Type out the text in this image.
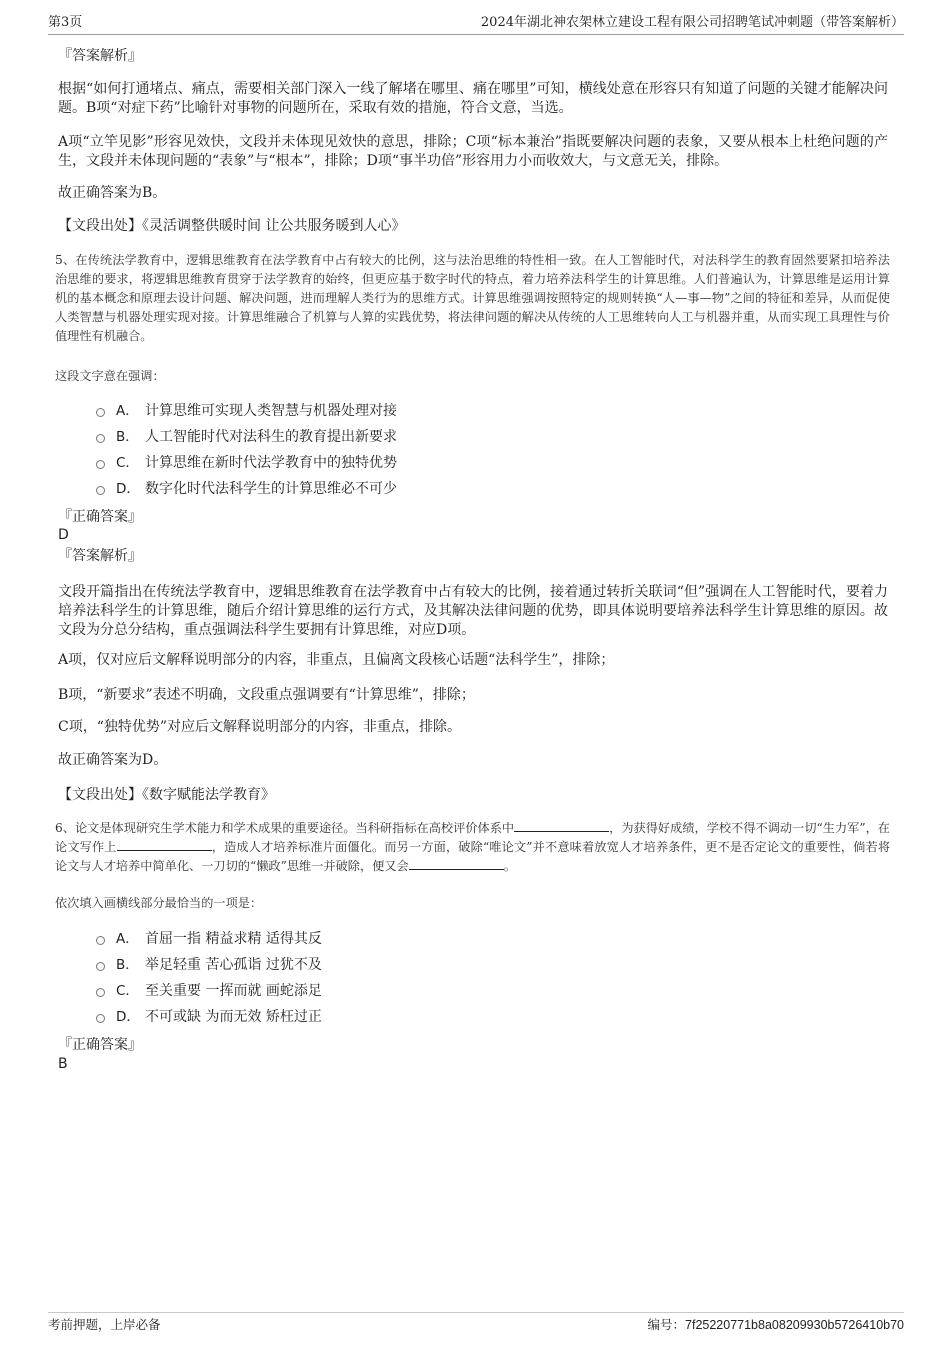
第3页	2024年湖北神农架林立建设工程有限公司招聘笔试冲刺题（带答案解析）

『答案解析』

根据“如何打通堵点、痛点，需要相关部门深入一线了解堵在哪里、痛在哪里”可知，横线处意在形容只有知道了问题的关键才能解决问题。B项“对症下药”比喻针对事物的问题所在，采取有效的措施，符合文意，当选。

A项“立竿见影”形容见效快，文段并未体现见效快的意思，排除；C项“标本兼治”指既要解决问题的表象，又要从根本上杜绝问题的产生，文段并未体现问题的“表象”与“根本”，排除；D项“事半功倍”形容用力小而收效大，与文意无关，排除。

故正确答案为B。

【文段出处】《灵活调整供暖时间 让公共服务暖到人心》

5、在传统法学教育中，逻辑思维教育在法学教育中占有较大的比例，这与法治思维的特性相一致。在人工智能时代，对法科学生的教育固然要紧扣培养法治思维的要求，将逻辑思维教育贯穿于法学教育的始终，但更应基于数字时代的特点，着力培养法科学生的计算思维。人们普遍认为，计算思维是运用计算机的基本概念和原理去设计问题、解决问题，进而理解人类行为的思维方式。计算思维强调按照特定的规则转换“人—事—物”之间的特征和差异，从而促使人类智慧与机器处理实现对接。计算思维融合了机算与人算的实践优势，将法律问题的解决从传统的人工思维转向人工与机器并重，从而实现工具理性与价值理性有机融合。

这段文字意在强调：

A． 计算思维可实现人类智慧与机器处理对接
B． 人工智能时代对法科生的教育提出新要求
C． 计算思维在新时代法学教育中的独特优势
D． 数字化时代法科学生的计算思维必不可少

『正确答案』

D

『答案解析』

文段开篇指出在传统法学教育中，逻辑思维教育在法学教育中占有较大的比例，接着通过转折关联词“但”强调在人工智能时代，要着力培养法科学生的计算思维，随后介绍计算思维的运行方式，及其解决法律问题的优势，即具体说明要培养法科学生计算思维的原因。故文段为分总分结构，重点强调法科学生要拥有计算思维，对应D项。

A项，仅对应后文解释说明部分的内容，非重点，且偏离文段核心话题“法科学生”，排除；

B项，“新要求”表述不明确，文段重点强调要有“计算思维”，排除；

C项，“独特优势”对应后文解释说明部分的内容，非重点，排除。

故正确答案为D。

【文段出处】《数字赋能法学教育》

6、论文是体现研究生学术能力和学术成果的重要途径。当科研指标在高校评价体系中	，为获得好成绩，学校不得不调动一切“生力军”，在论文写作上	，造成人才培养标准片面僵化。而另一方面，破除“唯论文”并不意味着放宽人才培养条件，更不是否定论文的重要性，倘若将论文与人才培养中简单化、一刀切的“懒政”思维一并破除，便又会	。

依次填入画横线部分最恰当的一项是：

A． 首屈一指 精益求精 适得其反
B． 举足轻重 苦心孤诣 过犹不及
C． 至关重要 一挥而就 画蛇添足
D． 不可或缺 为而无效 矫枉过正

『正确答案』

B
考前押题，上岸必备	编号：7f25220771b8a08209930b5726410b70
